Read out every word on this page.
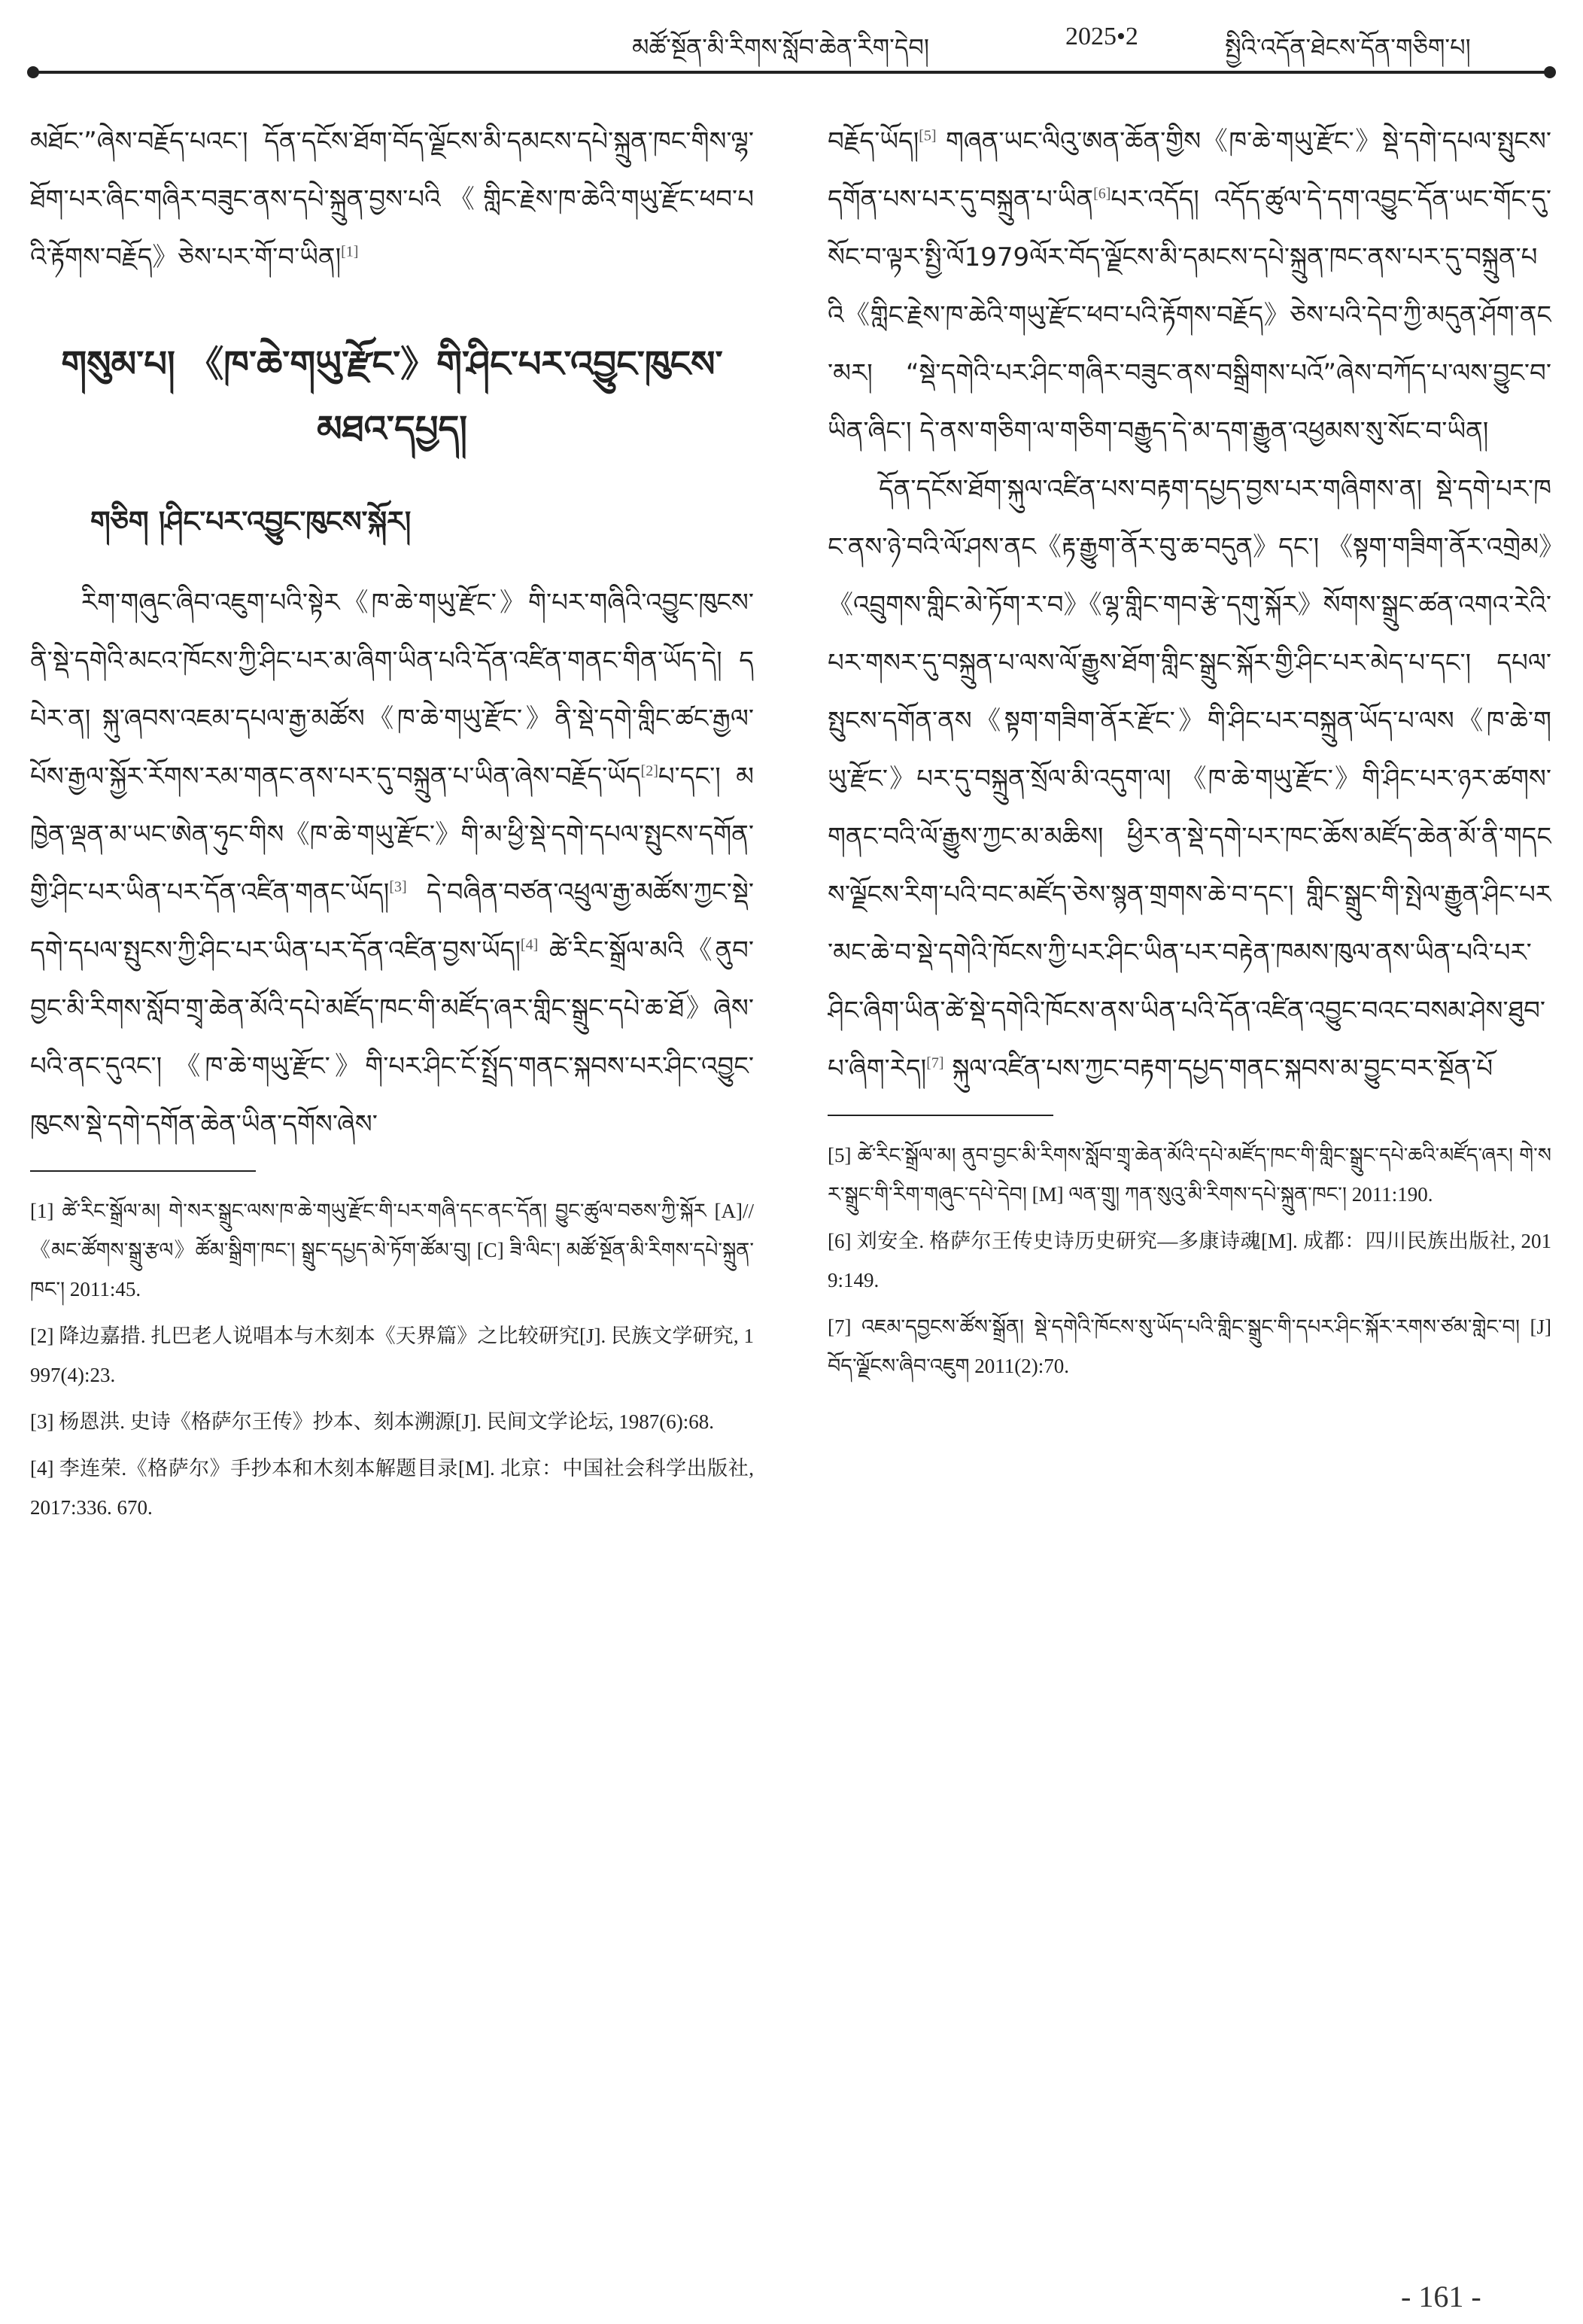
མཚོ་སྔོན་མི་རིགས་སློབ་ཆེན་རིག་དེབ།	2025•2	སྤྱིའི་འདོན་ཐེངས་དོན་གཅིག་པ།

མཐོང་”ཞེས་བརྗོད་པའང་། དོན་དངོས་ཐོག་བོད་ལྗོངས་མི་དམངས་དཔེ་སྐྲུན་ཁང་གིས་ལྷ་ཐོག་པར་ཞིང་གཞིར་བཟུང་ནས་དཔེ་སྐྲུན་བྱས་པའི《གླིང་རྗེས་ཁ་ཆེའི་གཡུ་རྫོང་ཕབ་པའི་རྟོགས་བརྗོད》ཅེས་པར་གོ་བ་ཡིན།[1]

གསུམ་པ། 《ཁ་ཆེ་གཡུ་རྫོང་》གི་ཤིང་པར་འབྱུང་ཁུངས་མཐའ་དཔྱད།
གཅིག །ཤིང་པར་འབྱུང་ཁུངས་སྐོར།

རིག་གཞུང་ཞིབ་འཇུག་པའི་སྟེར《ཁ་ཆེ་གཡུ་རྫོང་》གི་པར་གཞིའི་འབྱུང་ཁུངས་ནི་སྡེ་དགེའི་མངའ་ཁོངས་ཀྱི་ཤིང་པར་མ་ཞིག་ཡིན་པའི་དོན་འཛིན་གནང་གིན་ཡོད་དེ། དཔེར་ན། སྐུ་ཞབས་འཇམ་དཔལ་རྒྱ་མཚོས《ཁ་ཆེ་གཡུ་རྫོང་》ནི་སྡེ་དགེ་གླིང་ཚང་རྒྱལ་པོས་རྒྱལ་སྐྱོར་རོགས་རམ་གནང་ནས་པར་དུ་བསྐྲུན་པ་ཡིན་ཞེས་བརྗོད་ཡོད[2]པ་དང་། མཁྱེན་ལྡན་མ་ཡང་ཨེན་ཧུང་གིས《ཁ་ཆེ་གཡུ་རྫོང་》གི་མ་ཕྱི་སྡེ་དགེ་དཔལ་སྤུངས་དགོན་གྱི་ཤིང་པར་ཡིན་པར་དོན་འཛིན་གནང་ཡོད།[3] དེ་བཞིན་བཙན་འཕྲུལ་རྒྱ་མཚོས་ཀྱང་སྡེ་དགེ་དཔལ་སྤུངས་ཀྱི་ཤིང་པར་ཡིན་པར་དོན་འཛིན་བྱས་ཡོད།[4] ཚེ་རིང་སྒྲོལ་མའི《ནུབ་བྱང་མི་རིགས་སློབ་གྲྭ་ཆེན་མོའི་དཔེ་མཛོད་ཁང་གི་མཛོད་ཞར་གླིང་སྒྲུང་དཔེ་ཆ་ཐོ》ཞེས་པའི་ནང་དུའང་། 《ཁ་ཆེ་གཡུ་རྫོང་》གི་པར་ཤིང་ངོ་སྤྲོད་གནང་སྐབས་པར་ཤིང་འབྱུང་ཁུངས་སྡེ་དགེ་དགོན་ཆེན་ཡིན་དགོས་ཞེས་

[1] ཚེ་རིང་སྒྲོལ་མ། གེ་སར་སྒྲུང་ལས་ཁ་ཆེ་གཡུ་རྫོང་གི་པར་གཞི་དང་ནང་དོན། བྱུང་ཚུལ་བཅས་ཀྱི་སྐོར [A]//《མང་ཚོགས་སྒྲུ་རྩལ》ཚོམ་སྒྲིག་ཁང་། སྒྲུང་དཔྱད་མེ་ཏོག་ཚོམ་བུ། [C] ཟི་ལིང་། མཚོ་སྔོན་མི་རིགས་དཔེ་སྐྲུན་ཁང་། 2011:45.

[2] 降边嘉措. 扎巴老人说唱本与木刻本《天界篇》之比较研究[J]. 民族文学研究, 1997(4):23.

[3] 杨恩洪. 史诗《格萨尔王传》抄本、刻本溯源[J]. 民间文学论坛, 1987(6):68.

[4] 李连荣.《格萨尔》手抄本和木刻本解题目录[M]. 北京：中国社会科学出版社, 2017:336. 670.

བརྗོད་ཡོད།[5] གཞན་ཡང་ལིའུ་ཨན་ཆོན་གྱིས《ཁ་ཆེ་གཡུ་རྫོང་》སྡེ་དགེ་དཔལ་སྤུངས་དགོན་པས་པར་དུ་བསྐྲུན་པ་ཡིན[6]པར་འདོད། འདོད་ཚུལ་དེ་དག་འབྱུང་དོན་ཡང་གོང་དུ་སོང་བ་ལྟར་སྤྱི་ལོ1979ལོར་བོད་ལྗོངས་མི་དམངས་དཔེ་སྐྲུན་ཁང་ནས་པར་དུ་བསྐྲུན་པའི《གླིང་རྗེས་ཁ་ཆེའི་གཡུ་རྫོང་ཕབ་པའི་རྟོགས་བརྗོད》ཅེས་པའི་དེབ་ཀྱི་མདུན་ཤོག་ནང་མར། “སྡེ་དགེའི་པར་ཤིང་གཞིར་བཟུང་ནས་བསྒྲིགས་པའོ”ཞེས་བཀོད་པ་ལས་བྱུང་བ་ཡིན་ཞིང་། དེ་ནས་གཅིག་ལ་གཅིག་བརྒྱུད་དེ་མ་དག་རྒྱུན་འཕྱམས་སུ་སོང་བ་ཡིན།

དོན་དངོས་ཐོག་སྐུལ་འཛིན་པས་བརྟག་དཔྱད་བྱས་པར་གཞིགས་ན། སྡེ་དགེ་པར་ཁང་ནས་ཉེ་བའི་ལོ་ཤས་ནང《རྟ་རྒྱུག་ནོར་བུ་ཆ་བདུན》དང་། 《སྟག་གཟིག་ནོར་འགྲེམ》《འབྲུགས་གླིང་མེ་ཏོག་ར་བ》《ལྷ་གླིང་གབ་རྩེ་དགུ་སྐོར》སོགས་སྒྲུང་ཚན་འགའ་རེའི་པར་གསར་དུ་བསྐྲུན་པ་ལས་ལོ་རྒྱུས་ཐོག་གླིང་སྒྲུང་སྐོར་གྱི་ཤིང་པར་མེད་པ་དང་། དཔལ་སྤུངས་དགོན་ནས《སྟག་གཟིག་ནོར་རྫོང་》གི་ཤིང་པར་བསྐྲུན་ཡོད་པ་ལས《ཁ་ཆེ་གཡུ་རྫོང་》པར་དུ་བསྐྲུན་སྲོལ་མི་འདུག་ལ། 《ཁ་ཆེ་གཡུ་རྫོང་》གི་ཤིང་པར་ཉར་ཚགས་གནང་བའི་ལོ་རྒྱུས་ཀྱང་མ་མཆིས། ཕྱིར་ན་སྡེ་དགེ་པར་ཁང་ཆོས་མཛོད་ཆེན་མོ་ནི་གདངས་ལྗོངས་རིག་པའི་བང་མཛོད་ཅེས་སྙན་གྲགས་ཆེ་བ་དང་། གླིང་སྒྲུང་གི་སྤེལ་རྒྱུན་ཤིང་པར་མང་ཆེ་བ་སྡེ་དགེའི་ཁོངས་ཀྱི་པར་ཤིང་ཡིན་པར་བརྟེན་ཁམས་ཁུལ་ནས་ཡིན་པའི་པར་ཤིང་ཞིག་ཡིན་ཚེ་སྡེ་དགེའི་ཁོངས་ནས་ཡིན་པའི་དོན་འཛིན་འབྱུང་བའང་བསམ་ཤེས་ཐུབ་པ་ཞིག་རེད།[7] སྐུལ་འཛིན་པས་ཀྱང་བརྟག་དཔྱད་གནང་སྐབས་མ་བྱུང་བར་སྔོན་པོ

[5] ཚེ་རིང་སྒྲོལ་མ། ནུབ་བྱང་མི་རིགས་སློབ་གྲྭ་ཆེན་མོའི་དཔེ་མཛོད་ཁང་གི་གླིང་སྒྲུང་དཔེ་ཆའི་མཛོད་ཞར། གེ་སར་སྒྲུང་གི་རིག་གཞུང་དཔེ་དེབ། [M] ལན་གྲུ། ཀན་སུའུ་མི་རིགས་དཔེ་སྐྲུན་ཁང་། 2011:190.

[6] 刘安全. 格萨尔王传史诗历史研究—多康诗魂[M]. 成都：四川民族出版社, 2019:149.

[7] འཇམ་དབྱངས་ཚོས་སྒྲོན། སྡེ་དགེའི་ཁོངས་སུ་ཡོད་པའི་གླིང་སྒྲུང་གི་དཔར་ཤིང་སྐོར་རགས་ཙམ་གླེང་བ། [J] བོད་ལྗོངས་ཞིབ་འཇུག 2011(2):70.

- 161 -
